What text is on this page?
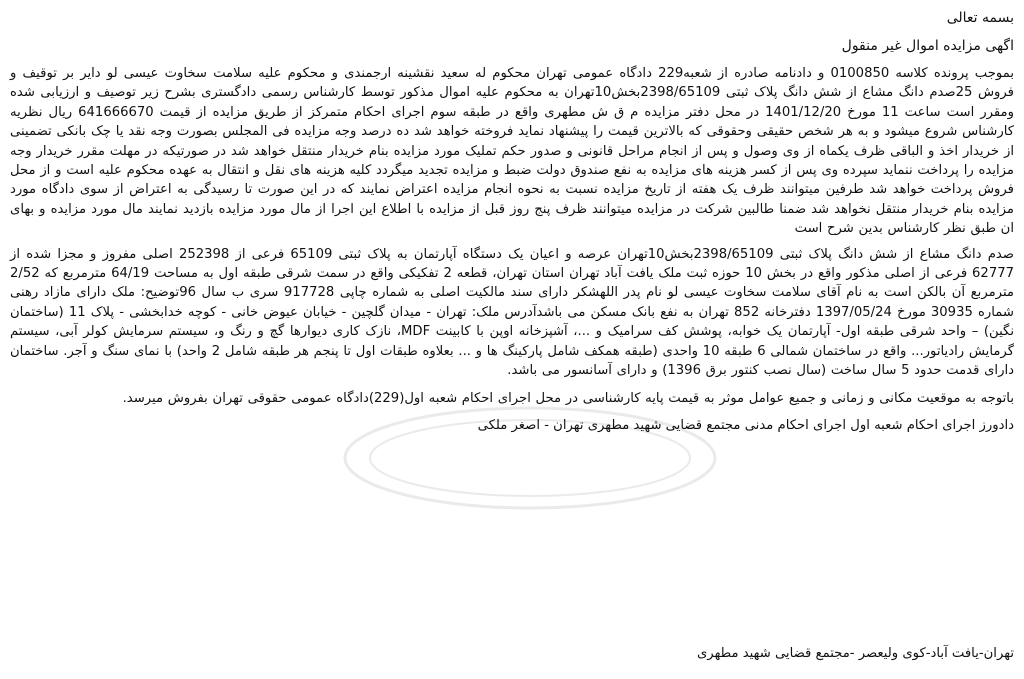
بسمه تعالی

اگهی مزایده اموال غیر منقول

بموجب پرونده کلاسه 0100850 و دادنامه صادره از شعبه229 دادگاه عمومی تهران محکوم له سعید نقشینه ارجمندی و محکوم علیه سلامت سخاوت عیسی لو دایر بر توقیف و فروش 25صدم دانگ مشاع از شش دانگ پلاک ثبتی 2398/65109بخش10تهران به محکوم علیه اموال مذکور توسط کارشناس رسمی دادگستری بشرح زیر توصیف و ارزیابی شده ومقرر است ساعت 11 مورخ 1401/12/20 در محل دفتر مزایده م ق ش مطهری واقع در طبقه سوم اجرای احکام متمرکز از طریق مزایده از قیمت 641666670 ریال نظریه کارشناس شروع میشود و به هر شخص حقیقی وحقوقی که بالاترین قیمت را پیشنهاد نماید فروخته خواهد شد ده درصد وجه مزایده فی المجلس بصورت وجه نقد یا چک بانکی تضمینی از خریدار اخذ و الباقی ظرف یکماه از وی وصول و پس از انجام مراحل قانونی و صدور حکم تملیک مورد مزایده بنام خریدار منتقل خواهد شد در صورتیکه در مهلت مقرر خریدار وجه مزایده را پرداخت ننماید سپرده وی پس از کسر هزینه های مزایده به نفع صندوق دولت ضبط و مزایده تجدید میگردد کلیه هزینه های نقل و انتقال به عهده محکوم علیه است و از محل فروش پرداخت خواهد شد طرفین میتوانند ظرف یک هفته از تاریخ مزایده نسبت به نحوه انجام مزایده اعتراض نمایند که در این صورت تا رسیدگی به اعتراض از سوی دادگاه مورد مزایده بنام خریدار منتقل نخواهد شد ضمنا طالبین شرکت در مزایده میتوانند ظرف پنج روز قبل از مزایده با اطلاع این اجرا از مال مورد مزایده بازدید نمایند مال مورد مزایده و بهای ان طبق نظر کارشناس بدین شرح است

صدم دانگ مشاع از شش دانگ پلاک ثبتی 2398/65109بخش10تهران عرصه و اعیان یک دستگاه آپارتمان به پلاک ثبتی 65109 فرعی از 252398 اصلی مفروز و مجزا شده از 62777 فرعی از اصلی مذکور واقع در بخش 10 حوزه ثبت ملک یافت آباد تهران استان تهران، قطعه 2 تفکیکی واقع در سمت شرقی طبقه اول به مساحت 64/19 مترمربع که 2/52 مترمربع آن بالکن است به نام آقای سلامت سخاوت عیسی لو نام پدر اللهشکر دارای سند مالکیت اصلی به شماره چاپی 917728 سری ب سال 96توضیح: ملک دارای مازاد رهنی شماره 30935 مورخ 1397/05/24 دفترخانه 852 تهران به نفع بانک مسکن می باشدآدرس ملک: تهران - میدان گلچین - خیابان عیوض خانی - کوچه خدابخشی - پلاک 11 (ساختمان نگین) – واحد شرقی طبقه اول- آپارتمان یک خوابه، پوشش کف سرامیک و ...، آشپزخانه اوپن با کابینت MDF، نازک کاری دیوارها گچ و رنگ و، سیستم سرمایش کولر آبی، سیستم گرمایش رادیاتور... واقع در ساختمان شمالی 6 طبقه 10 واحدی (طبقه همکف شامل پارکینگ ها و ... بعلاوه طبقات اول تا پنجم هر طبقه شامل 2 واحد) با نمای سنگ و آجر. ساختمان دارای قدمت حدود 5 سال ساخت (سال نصب کنتور برق 1396) و دارای آسانسور می باشد.

باتوجه به موقعیت مکانی و زمانی و جمیع عوامل موثر به قیمت پایه کارشناسی در محل اجرای احکام شعبه اول(229)دادگاه عمومی حقوقی تهران بفروش میرسد.

دادورز اجرای احکام شعبه اول اجرای احکام مدنی مجتمع قضایی شهید مطهری تهران - اصغر ملکی

تهران-یافت آباد-کوی ولیعصر -مجتمع قضایی شهید مطهری
